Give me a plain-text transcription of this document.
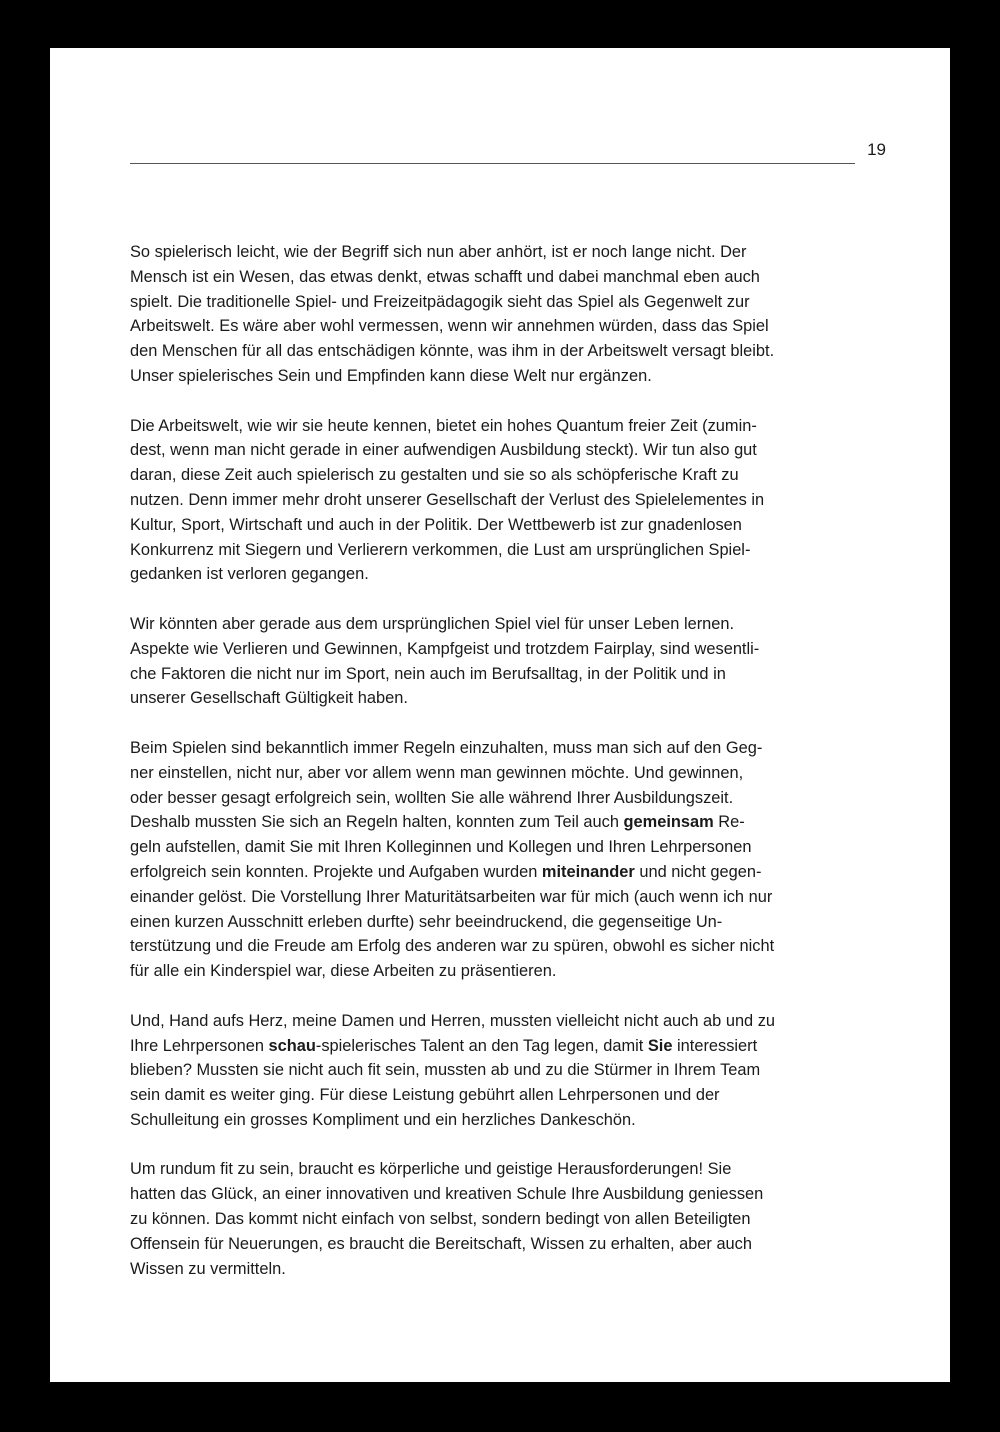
19

So spielerisch leicht, wie der Begriff sich nun aber anhört, ist er noch lange nicht. Der
Mensch ist ein Wesen, das etwas denkt, etwas schafft und dabei manchmal eben auch
spielt. Die traditionelle Spiel- und Freizeitpädagogik sieht das Spiel als Gegenwelt zur
Arbeitswelt. Es wäre aber wohl vermessen, wenn wir annehmen würden, dass das Spiel
den Menschen für all das entschädigen könnte, was ihm in der Arbeitswelt versagt bleibt.
Unser spielerisches Sein und Empfinden kann diese Welt nur ergänzen.

Die Arbeitswelt, wie wir sie heute kennen, bietet ein hohes Quantum freier Zeit (zumin-
dest, wenn man nicht gerade in einer aufwendigen Ausbildung steckt). Wir tun also gut
daran, diese Zeit auch spielerisch zu gestalten und sie so als schöpferische Kraft zu
nutzen. Denn immer mehr droht unserer Gesellschaft der Verlust des Spielelementes in
Kultur, Sport, Wirtschaft und auch in der Politik. Der Wettbewerb ist zur gnadenlosen
Konkurrenz mit Siegern und Verlierern verkommen, die Lust am ursprünglichen Spiel-
gedanken ist verloren gegangen.

Wir könnten aber gerade aus dem ursprünglichen Spiel viel für unser Leben lernen.
Aspekte wie Verlieren und Gewinnen, Kampfgeist und trotzdem Fairplay, sind wesentli-
che Faktoren die nicht nur im Sport, nein auch im Berufsalltag, in der Politik und in
unserer Gesellschaft Gültigkeit haben.

Beim Spielen sind bekanntlich immer Regeln einzuhalten, muss man sich auf den Geg-
ner einstellen, nicht nur, aber vor allem wenn man gewinnen möchte. Und gewinnen,
oder besser gesagt erfolgreich sein, wollten Sie alle während Ihrer Ausbildungszeit.
Deshalb mussten Sie sich an Regeln halten, konnten zum Teil auch gemeinsam Re-
geln aufstellen, damit Sie mit Ihren Kolleginnen und Kollegen und Ihren Lehrpersonen
erfolgreich sein konnten. Projekte und Aufgaben wurden miteinander und nicht gegen-
einander gelöst. Die Vorstellung Ihrer Maturitätsarbeiten war für mich (auch wenn ich nur
einen kurzen Ausschnitt erleben durfte) sehr beeindruckend, die gegenseitige Un-
terstützung und die Freude am Erfolg des anderen war zu spüren, obwohl es sicher nicht
für alle ein Kinderspiel war, diese Arbeiten zu präsentieren.

Und, Hand aufs Herz, meine Damen und Herren, mussten vielleicht nicht auch ab und zu
Ihre Lehrpersonen schau-spielerisches Talent an den Tag legen, damit Sie interessiert
blieben? Mussten sie nicht auch fit sein, mussten ab und zu die Stürmer in Ihrem Team
sein damit es weiter ging. Für diese Leistung gebührt allen Lehrpersonen und der
Schulleitung ein grosses Kompliment und ein herzliches Dankeschön.

Um rundum fit zu sein, braucht es körperliche und geistige Herausforderungen! Sie
hatten das Glück, an einer innovativen und kreativen Schule Ihre Ausbildung geniessen
zu können. Das kommt nicht einfach von selbst, sondern bedingt von allen Beteiligten
Offensein für Neuerungen, es braucht die Bereitschaft, Wissen zu erhalten, aber auch
Wissen zu vermitteln.
